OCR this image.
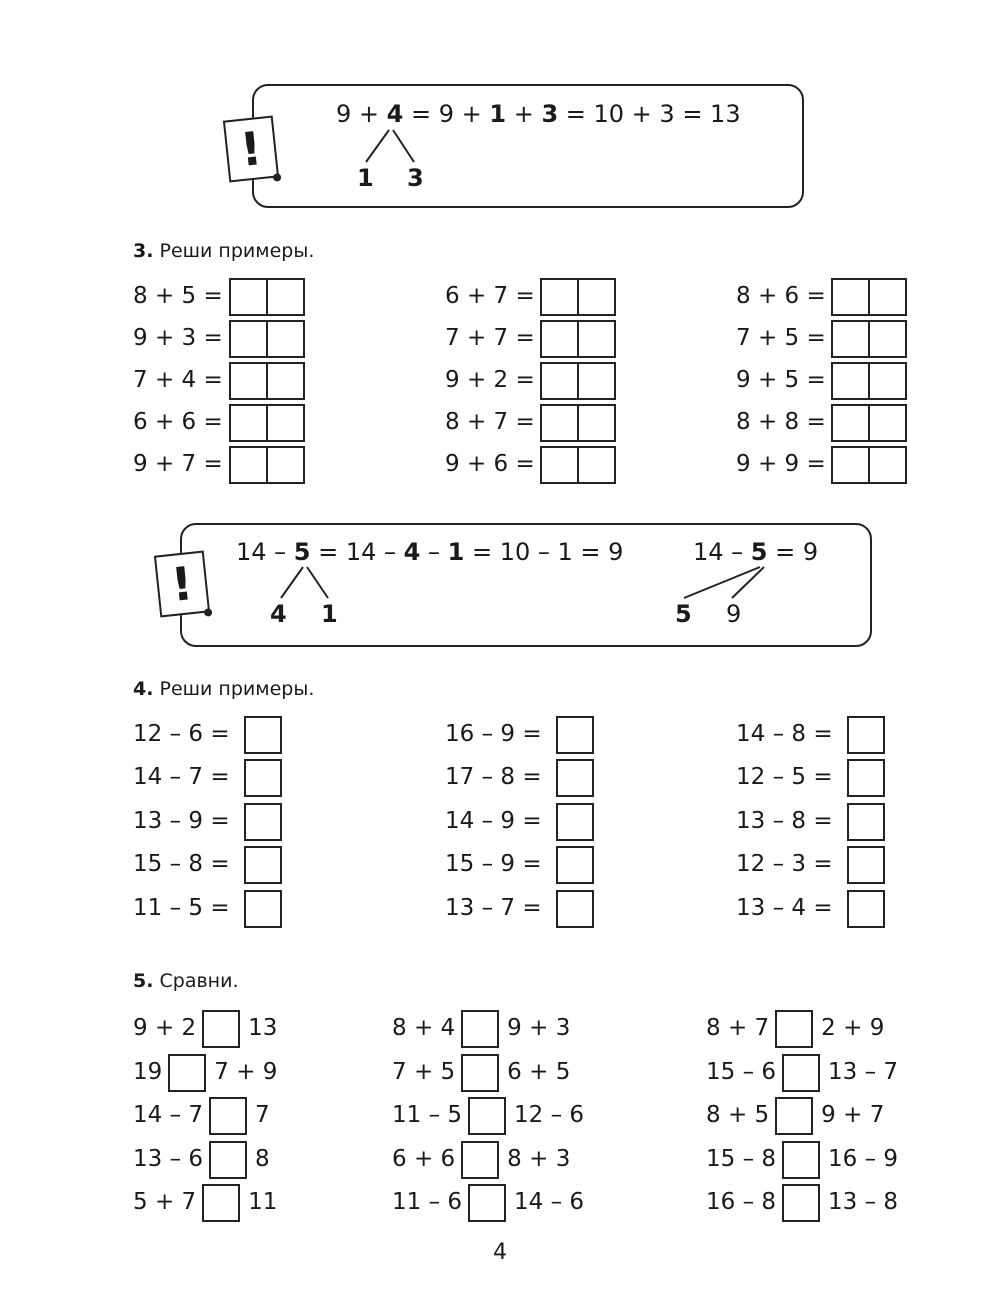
!
9 + 4 = 9 + 1 + 3 = 10 + 3 = 13
1 3
3. Реши примеры.
8 + 5 =
9 + 3 =
7 + 4 =
6 + 6 =
9 + 7 =
6 + 7 =
7 + 7 =
9 + 2 =
8 + 7 =
9 + 6 =
8 + 6 =
7 + 5 =
9 + 5 =
8 + 8 =
9 + 9 =
!
14 – 5 = 14 – 4 – 1 = 10 – 1 = 9
4 1
14 – 5 = 9
5 9
4. Реши примеры.
12 – 6 =
14 – 7 =
13 – 9 =
15 – 8 =
11 – 5 =
16 – 9 =
17 – 8 =
14 – 9 =
15 – 9 =
13 – 7 =
14 – 8 =
12 – 5 =
13 – 8 =
12 – 3 =
13 – 4 =
5. Сравни.
9 + 2 13
19 7 + 9
14 – 7 7
13 – 6 8
5 + 7 11
8 + 4 9 + 3
7 + 5 6 + 5
11 – 5 12 – 6
6 + 6 8 + 3
11 – 6 14 – 6
8 + 7 2 + 9
15 – 6 13 – 7
8 + 5 9 + 7
15 – 8 16 – 9
16 – 8 13 – 8
4
